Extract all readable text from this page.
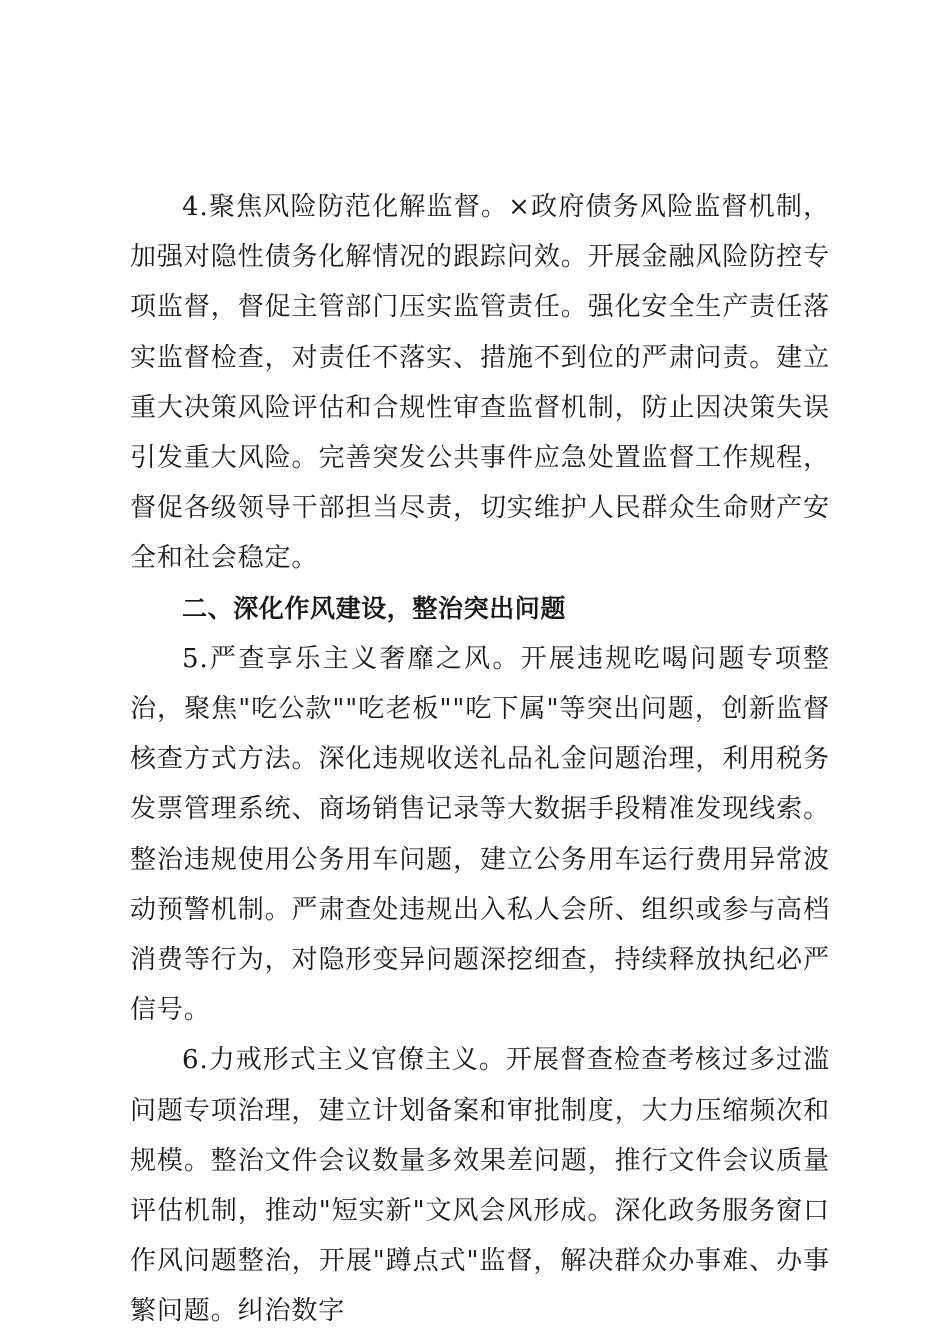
4.聚焦风险防范化解监督。×政府债务风险监督机制，加强对隐性债务化解情况的跟踪问效。开展金融风险防控专项监督，督促主管部门压实监管责任。强化安全生产责任落实监督检查，对责任不落实、措施不到位的严肃问责。建立重大决策风险评估和合规性审查监督机制，防止因决策失误引发重大风险。完善突发公共事件应急处置监督工作规程，督促各级领导干部担当尽责，切实维护人民群众生命财产安全和社会稳定。

二、深化作风建设，整治突出问题

5.严查享乐主义奢靡之风。开展违规吃喝问题专项整治，聚焦"吃公款""吃老板""吃下属"等突出问题，创新监督核查方式方法。深化违规收送礼品礼金问题治理，利用税务发票管理系统、商场销售记录等大数据手段精准发现线索。整治违规使用公务用车问题，建立公务用车运行费用异常波动预警机制。严肃查处违规出入私人会所、组织或参与高档消费等行为，对隐形变异问题深挖细查，持续释放执纪必严信号。

6.力戒形式主义官僚主义。开展督查检查考核过多过滥问题专项治理，建立计划备案和审批制度，大力压缩频次和规模。整治文件会议数量多效果差问题，推行文件会议质量评估机制，推动"短实新"文风会风形成。深化政务服务窗口作风问题整治，开展"蹲点式"监督，解决群众办事难、办事繁问题。纠治数字
